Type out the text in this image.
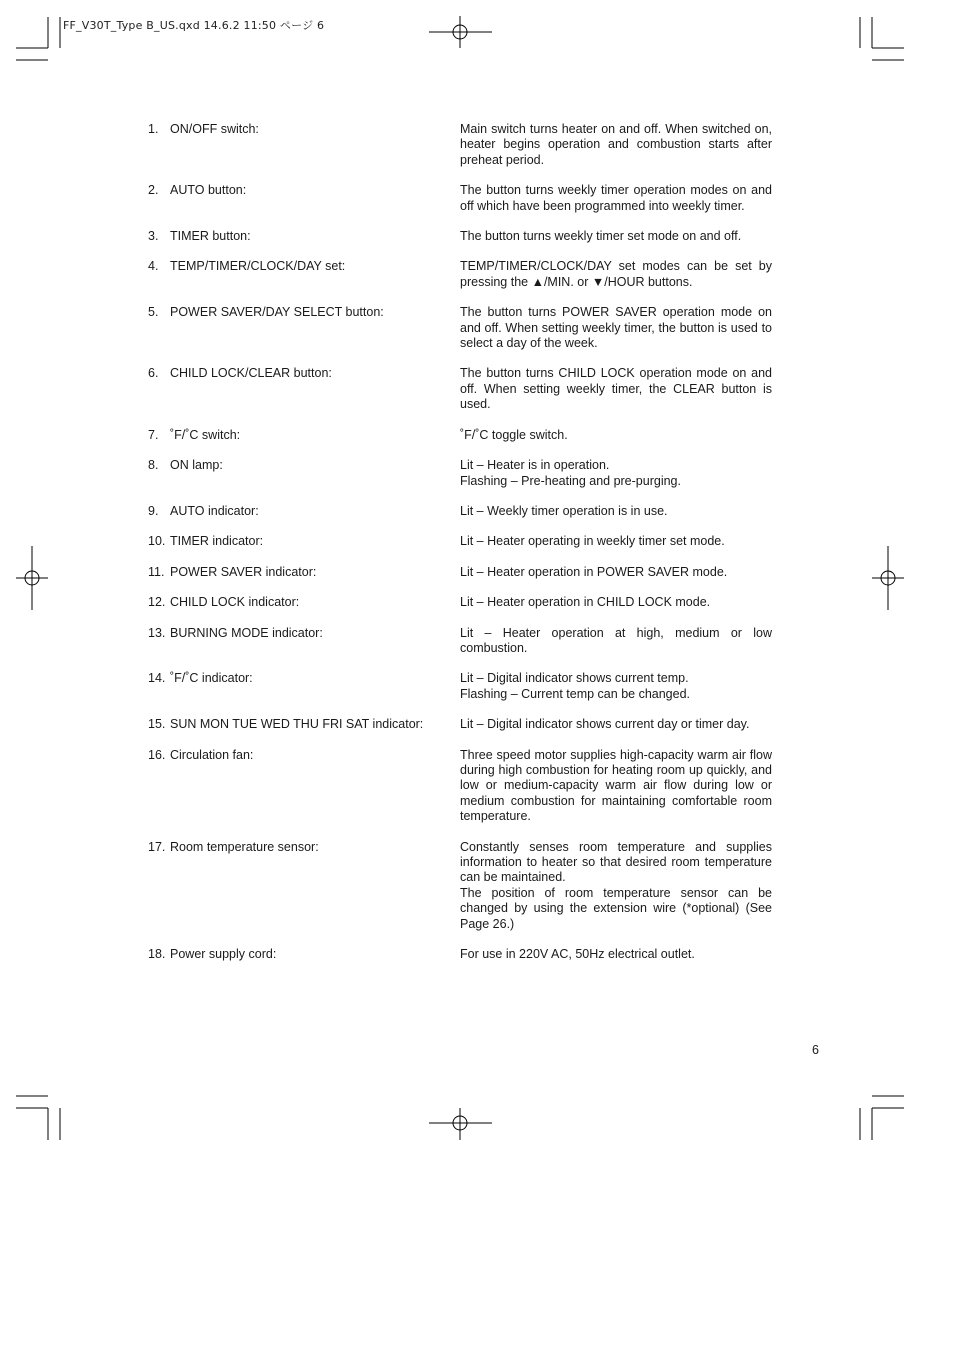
FF_V30T_Type B_US.qxd 14.6.2 11:50 ページ 6
1. ON/OFF switch:	Main switch turns heater on and off. When switched on, heater begins operation and combustion starts after preheat period.
2. AUTO button:	The button turns weekly timer operation modes on and off which have been programmed into weekly timer.
3. TIMER button:	The button turns weekly timer set mode on and off.
4. TEMP/TIMER/CLOCK/DAY set:	TEMP/TIMER/CLOCK/DAY set modes can be set by pressing the ▲/MIN. or ▼/HOUR buttons.
5. POWER SAVER/DAY SELECT button:	The button turns POWER SAVER operation mode on and off. When setting weekly timer, the button is used to select a day of the week.
6. CHILD LOCK/CLEAR button:	The button turns CHILD LOCK operation mode on and off. When setting weekly timer, the CLEAR button is used.
7. ˚F/˚C switch:	˚F/˚C toggle switch.
8. ON lamp:	Lit – Heater is in operation.
Flashing – Pre-heating and pre-purging.
9. AUTO indicator:	Lit – Weekly timer operation is in use.
10. TIMER indicator:	Lit – Heater operating in weekly timer set mode.
11. POWER SAVER indicator:	Lit – Heater operation in POWER SAVER mode.
12. CHILD LOCK indicator:	Lit – Heater operation in CHILD LOCK mode.
13. BURNING MODE indicator:	Lit – Heater operation at high, medium or low combustion.
14. ˚F/˚C indicator:	Lit – Digital indicator shows current temp.
Flashing – Current temp can be changed.
15. SUN MON TUE WED THU FRI SAT indicator:	Lit – Digital indicator shows current day or timer day.
16. Circulation fan:	Three speed motor supplies high-capacity warm air flow during high combustion for heating room up quickly, and low or medium-capacity warm air flow during low or medium combustion for maintaining comfortable room temperature.
17. Room temperature sensor:	Constantly senses room temperature and supplies information to heater so that desired room temperature can be maintained.
The position of room temperature sensor can be changed by using the extension wire (*optional) (See Page 26.)
18. Power supply cord:	For use in 220V AC, 50Hz electrical outlet.
6
